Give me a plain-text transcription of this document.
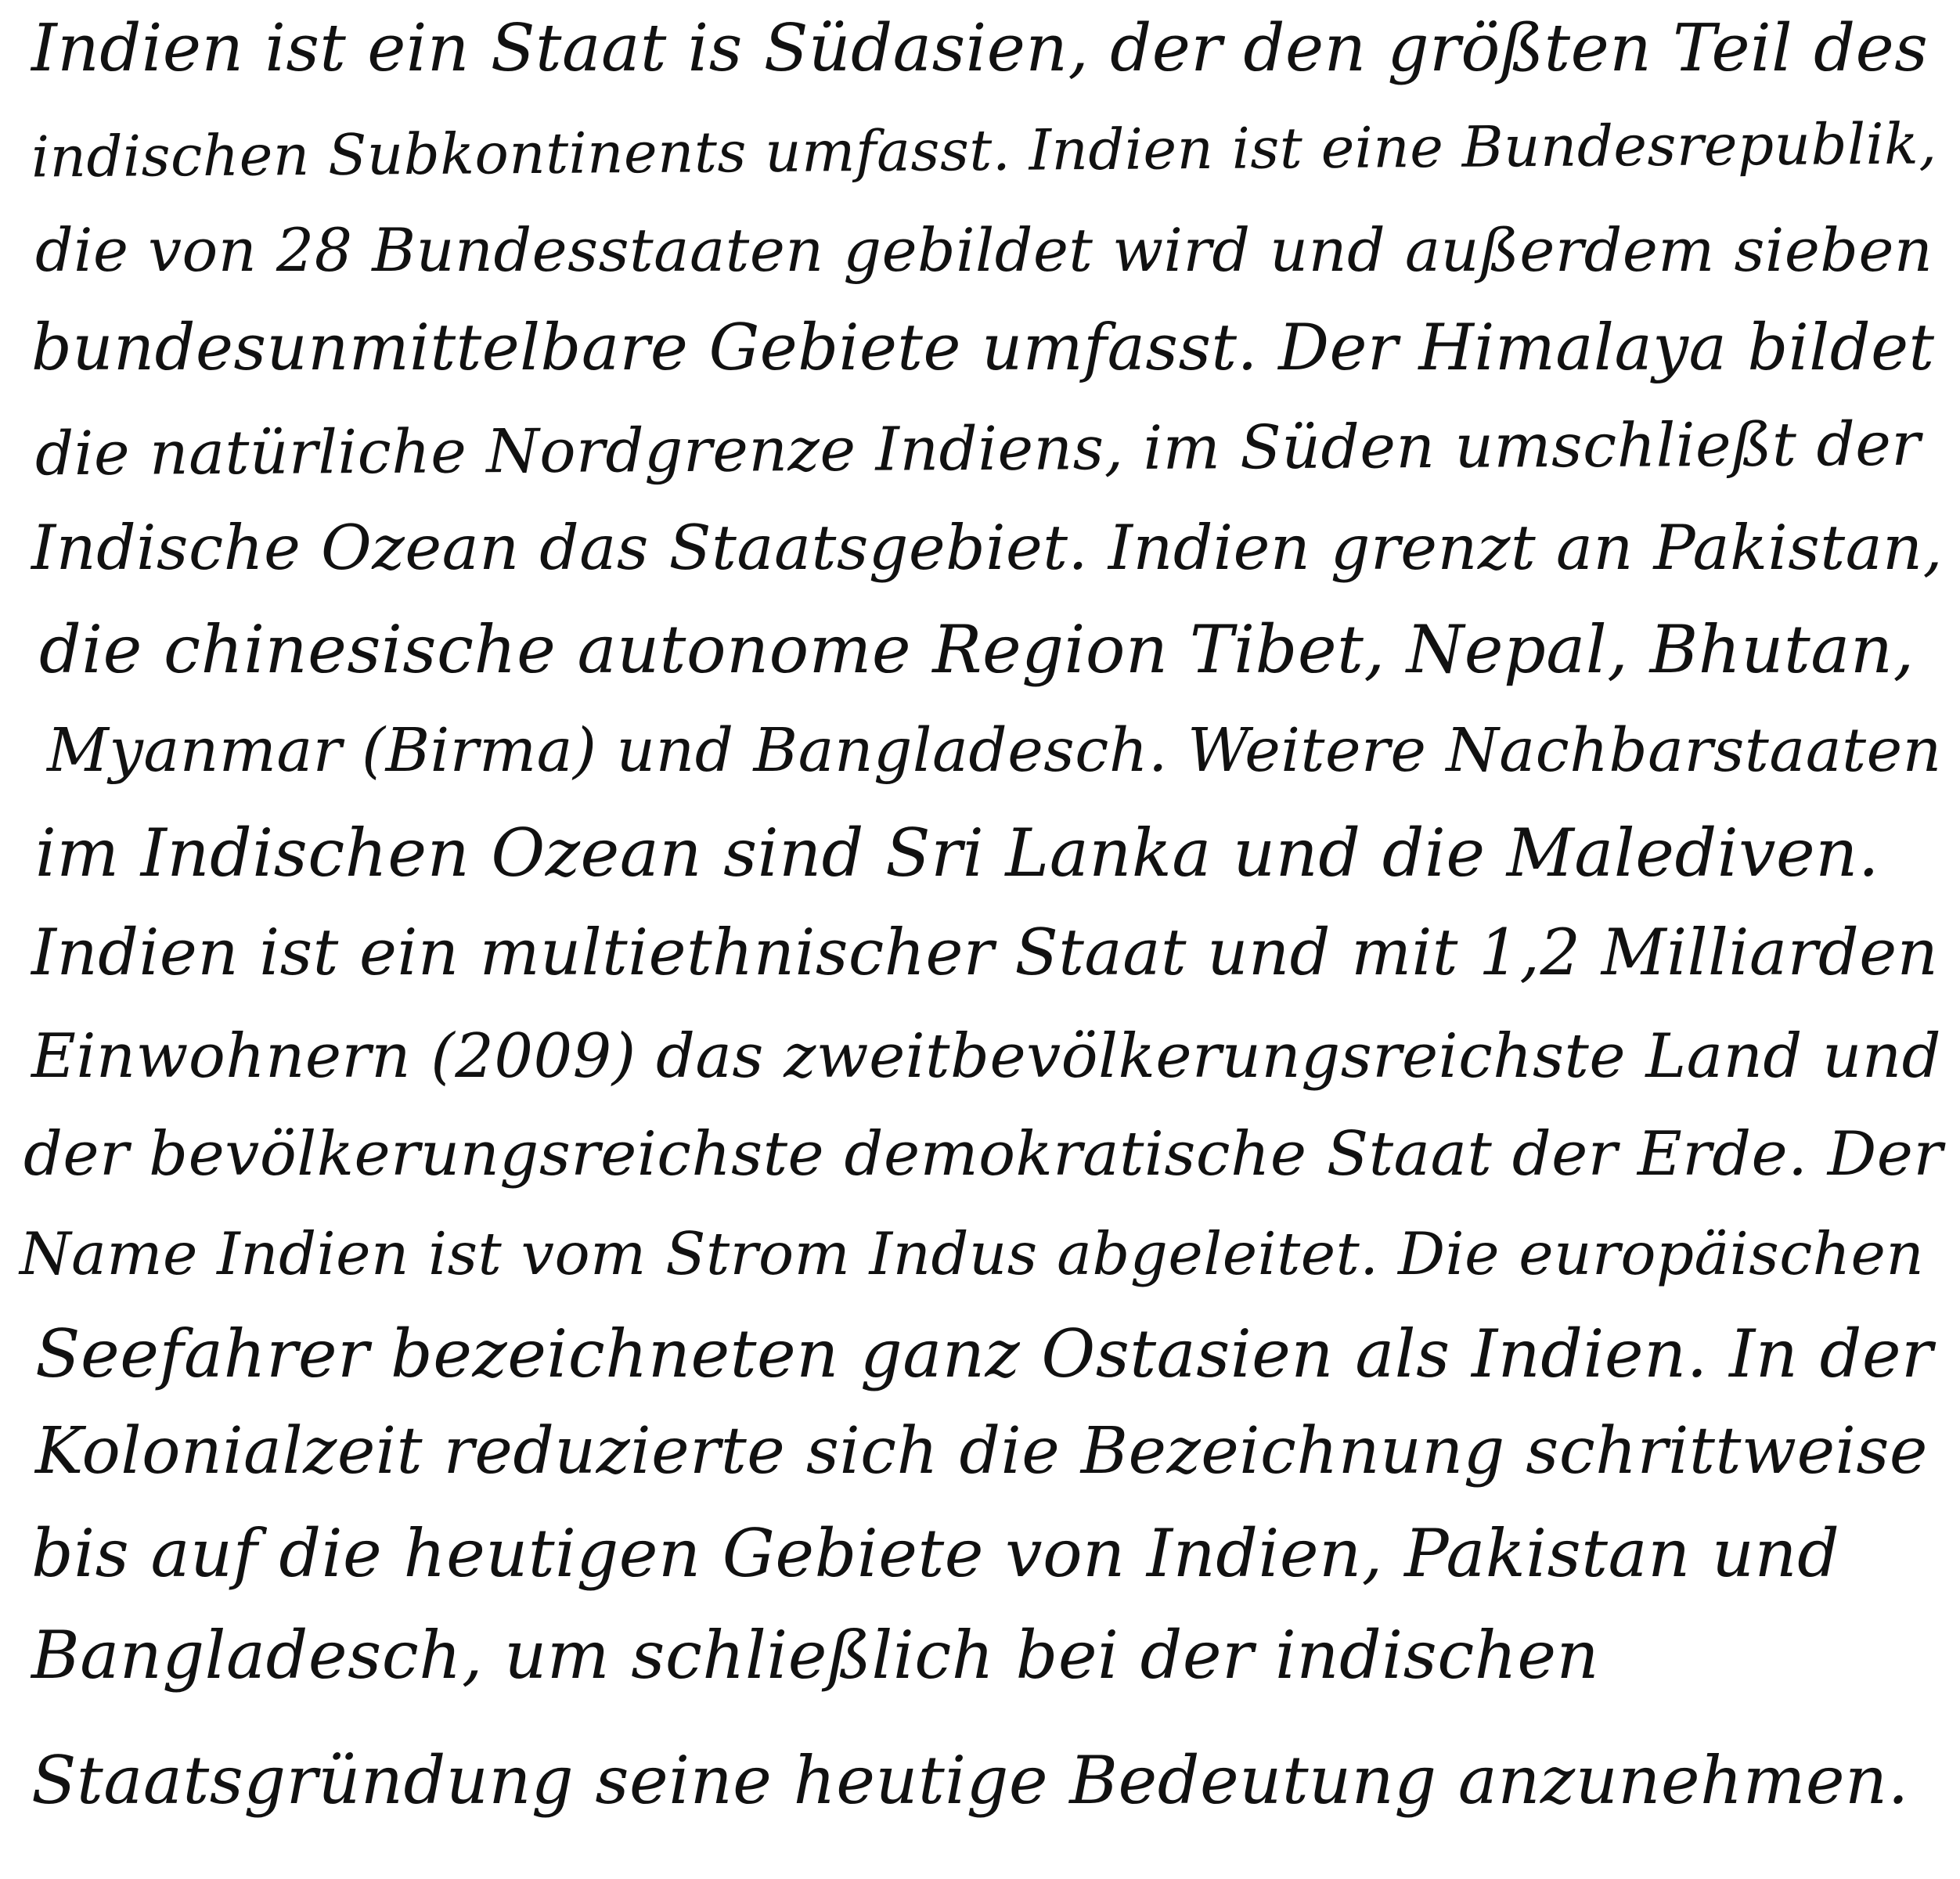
Indien ist ein Staat is Südasien, der den größten Teil des
indischen Subkontinents umfasst. Indien ist eine Bundesrepublik,
die von 28 Bundesstaaten gebildet wird und außerdem sieben
bundesunmittelbare Gebiete umfasst. Der Himalaya bildet
die natürliche Nordgrenze Indiens, im Süden umschließt der
Indische Ozean das Staatsgebiet. Indien grenzt an Pakistan,
die chinesische autonome Region Tibet, Nepal, Bhutan,
Myanmar (Birma) und Bangladesch. Weitere Nachbarstaaten
im Indischen Ozean sind Sri Lanka und die Malediven.
Indien ist ein multiethnischer Staat und mit 1,2 Milliarden
Einwohnern (2009) das zweitbevölkerungsreichste Land und
der bevölkerungsreichste demokratische Staat der Erde. Der
Name Indien ist vom Strom Indus abgeleitet. Die europäischen
Seefahrer bezeichneten ganz Ostasien als Indien. In der
Kolonialzeit reduzierte sich die Bezeichnung schrittweise
bis auf die heutigen Gebiete von Indien, Pakistan und
Bangladesch, um schließlich bei der indischen
Staatsgründung seine heutige Bedeutung anzunehmen.
